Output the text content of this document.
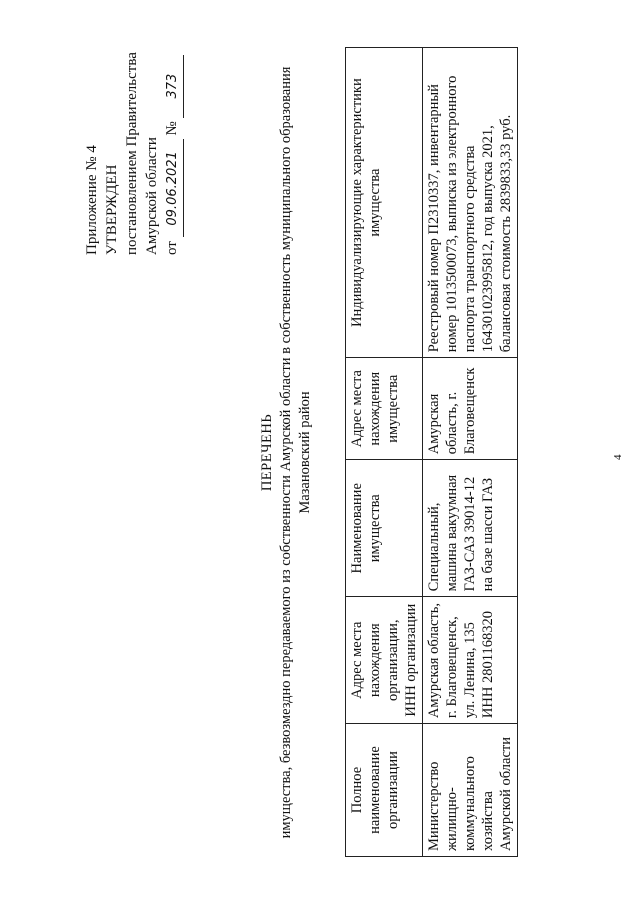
4
Приложение № 4 УТВЕРЖДЕН постановлением Правительства Амурской области от 09.06.2021 № 373
ПЕРЕЧЕНЬ имущества, безвозмездно передаваемого из собственности Амурской области в собственность муниципального образования Мазановский район
Полное наименование организации	Адрес места нахождения организации, ИНН организации	Наименование имущества	Адрес места нахождения имущества	Индивидуализирующие характеристики имущества
Министерство жилищно-коммунального хозяйства Амурской области	Амурская область, г. Благовещенск, ул. Ленина, 135 ИНН 2801168320	Специальный, машина вакуумная ГАЗ-САЗ 39014-12 на базе шасси ГАЗ	Амурская область, г. Благовещенск	Реестровый номер П2310337, инвентарный номер 1013500073, выписка из электронного паспорта транспортного средства 164301023995812, год выпуска 2021, балансовая стоимость 2839833,33 руб.
